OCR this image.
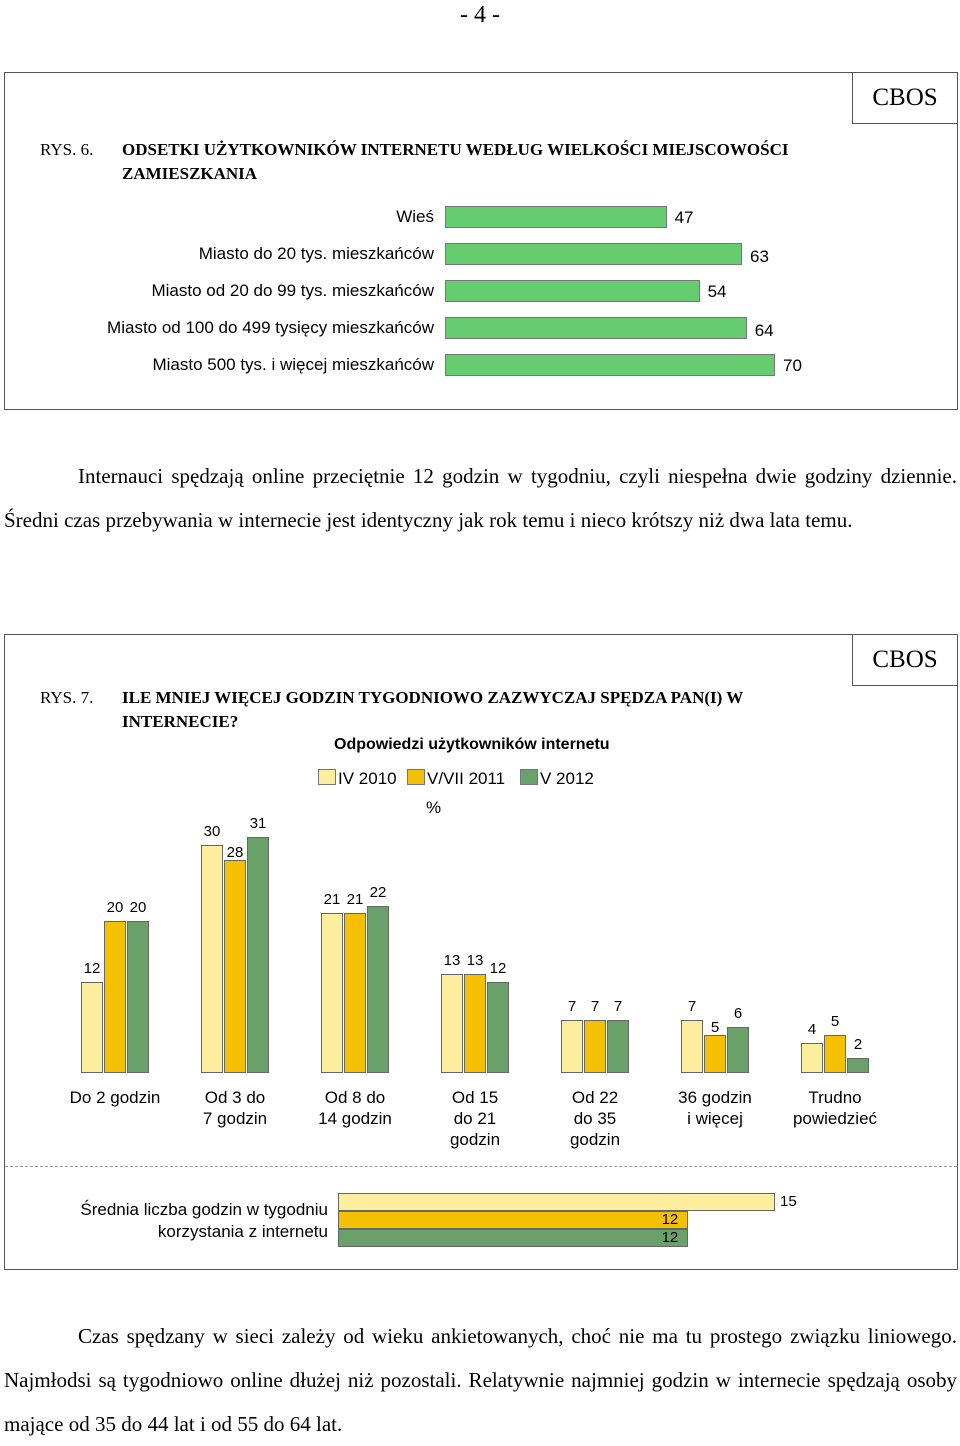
- 4 -
CBOS
RYS. 6. ODSETKI UŻYTKOWNIKÓW INTERNETU WEDŁUG WIELKOŚCI MIEJSCOWOŚCI ZAMIESZKANIA
Wieś	47
Miasto do 20 tys. mieszkańców	63
Miasto od 20 do 99 tys. mieszkańców	54
Miasto od 100 do 499 tysięcy mieszkańców	64
Miasto 500 tys. i więcej mieszkańców	70
Internauci spędzają online przeciętnie 12 godzin w tygodniu, czyli niespełna dwie godziny dziennie. Średni czas przebywania w internecie jest identyczny jak rok temu i nieco krótszy niż dwa lata temu.
CBOS
RYS. 7. ILE MNIEJ WIĘCEJ GODZIN TYGODNIOWO ZAZWYCZAJ SPĘDZA PAN(I) W INTERNECIE?
Odpowiedzi użytkowników internetu
IV 2010	V/VII 2011	V 2012
%
12
20 20
Do 2 godzin
30
28
31
Od 3 do
7 godzin
21 21 22
Od 8 do
14 godzin
13 13 12
Od 15
do 21
godzin
7 7 7
Od 22
do 35
godzin
7
5
6
36 godzin
i więcej
4 5
2
Trudno
powiedzieć
Średnia liczba godzin w tygodniu
korzystania z internetu
15
12
12
Czas spędzany w sieci zależy od wieku ankietowanych, choć nie ma tu prostego związku liniowego. Najmłodsi są tygodniowo online dłużej niż pozostali. Relatywnie najmniej godzin w internecie spędzają osoby mające od 35 do 44 lat i od 55 do 64 lat.
